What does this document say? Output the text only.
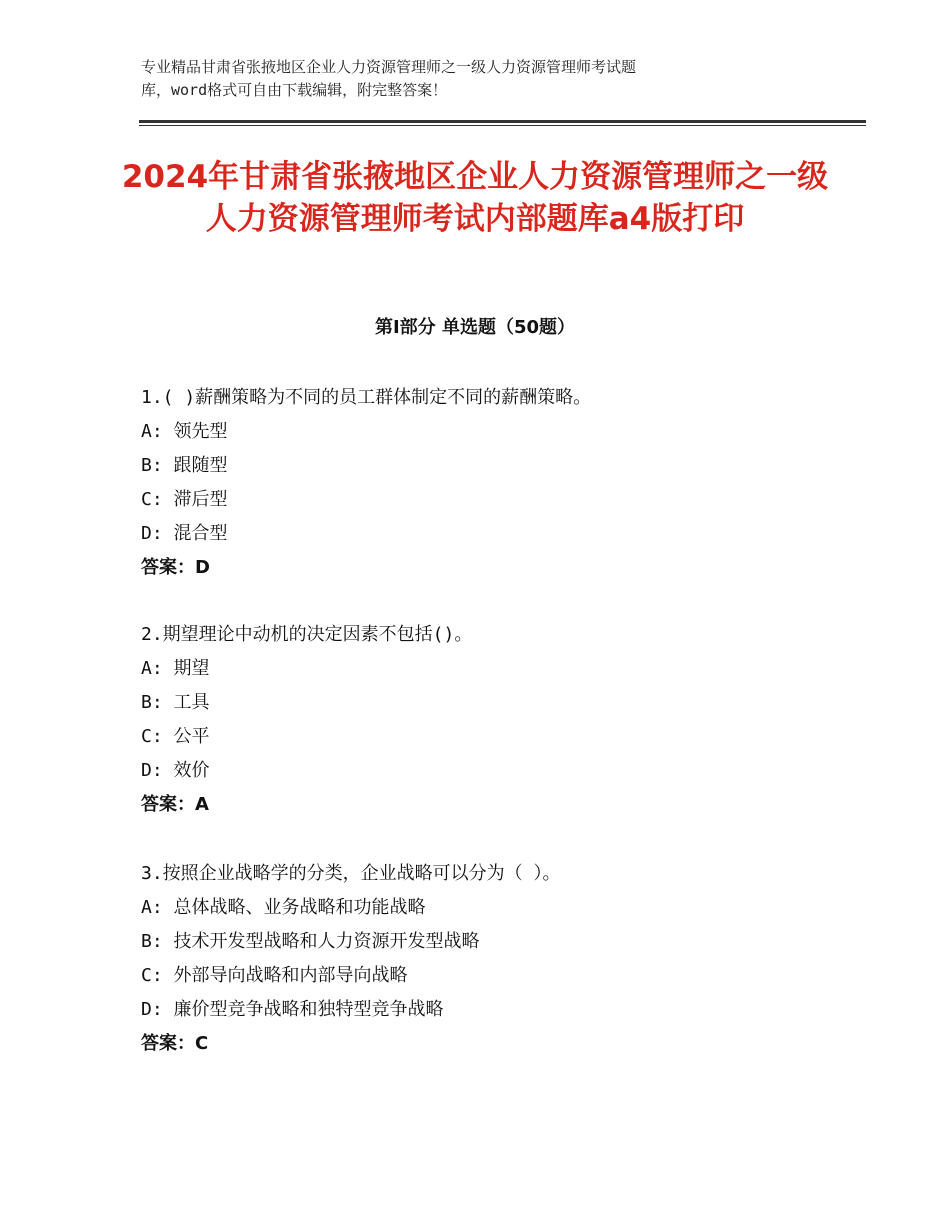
专业精品甘肃省张掖地区企业人力资源管理师之一级人力资源管理师考试题
库，word格式可自由下载编辑，附完整答案！
2024年甘肃省张掖地区企业人力资源管理师之一级人力资源管理师考试内部题库a4版打印
第Ⅰ部分 单选题（50题）
1.( )薪酬策略为不同的员工群体制定不同的薪酬策略。
A: 领先型
B: 跟随型
C: 滞后型
D: 混合型
答案：D
2.期望理论中动机的决定因素不包括()。
A: 期望
B: 工具
C: 公平
D: 效价
答案：A
3.按照企业战略学的分类，企业战略可以分为（ ）。
A: 总体战略、业务战略和功能战略
B: 技术开发型战略和人力资源开发型战略
C: 外部导向战略和内部导向战略
D: 廉价型竞争战略和独特型竞争战略
答案：C
